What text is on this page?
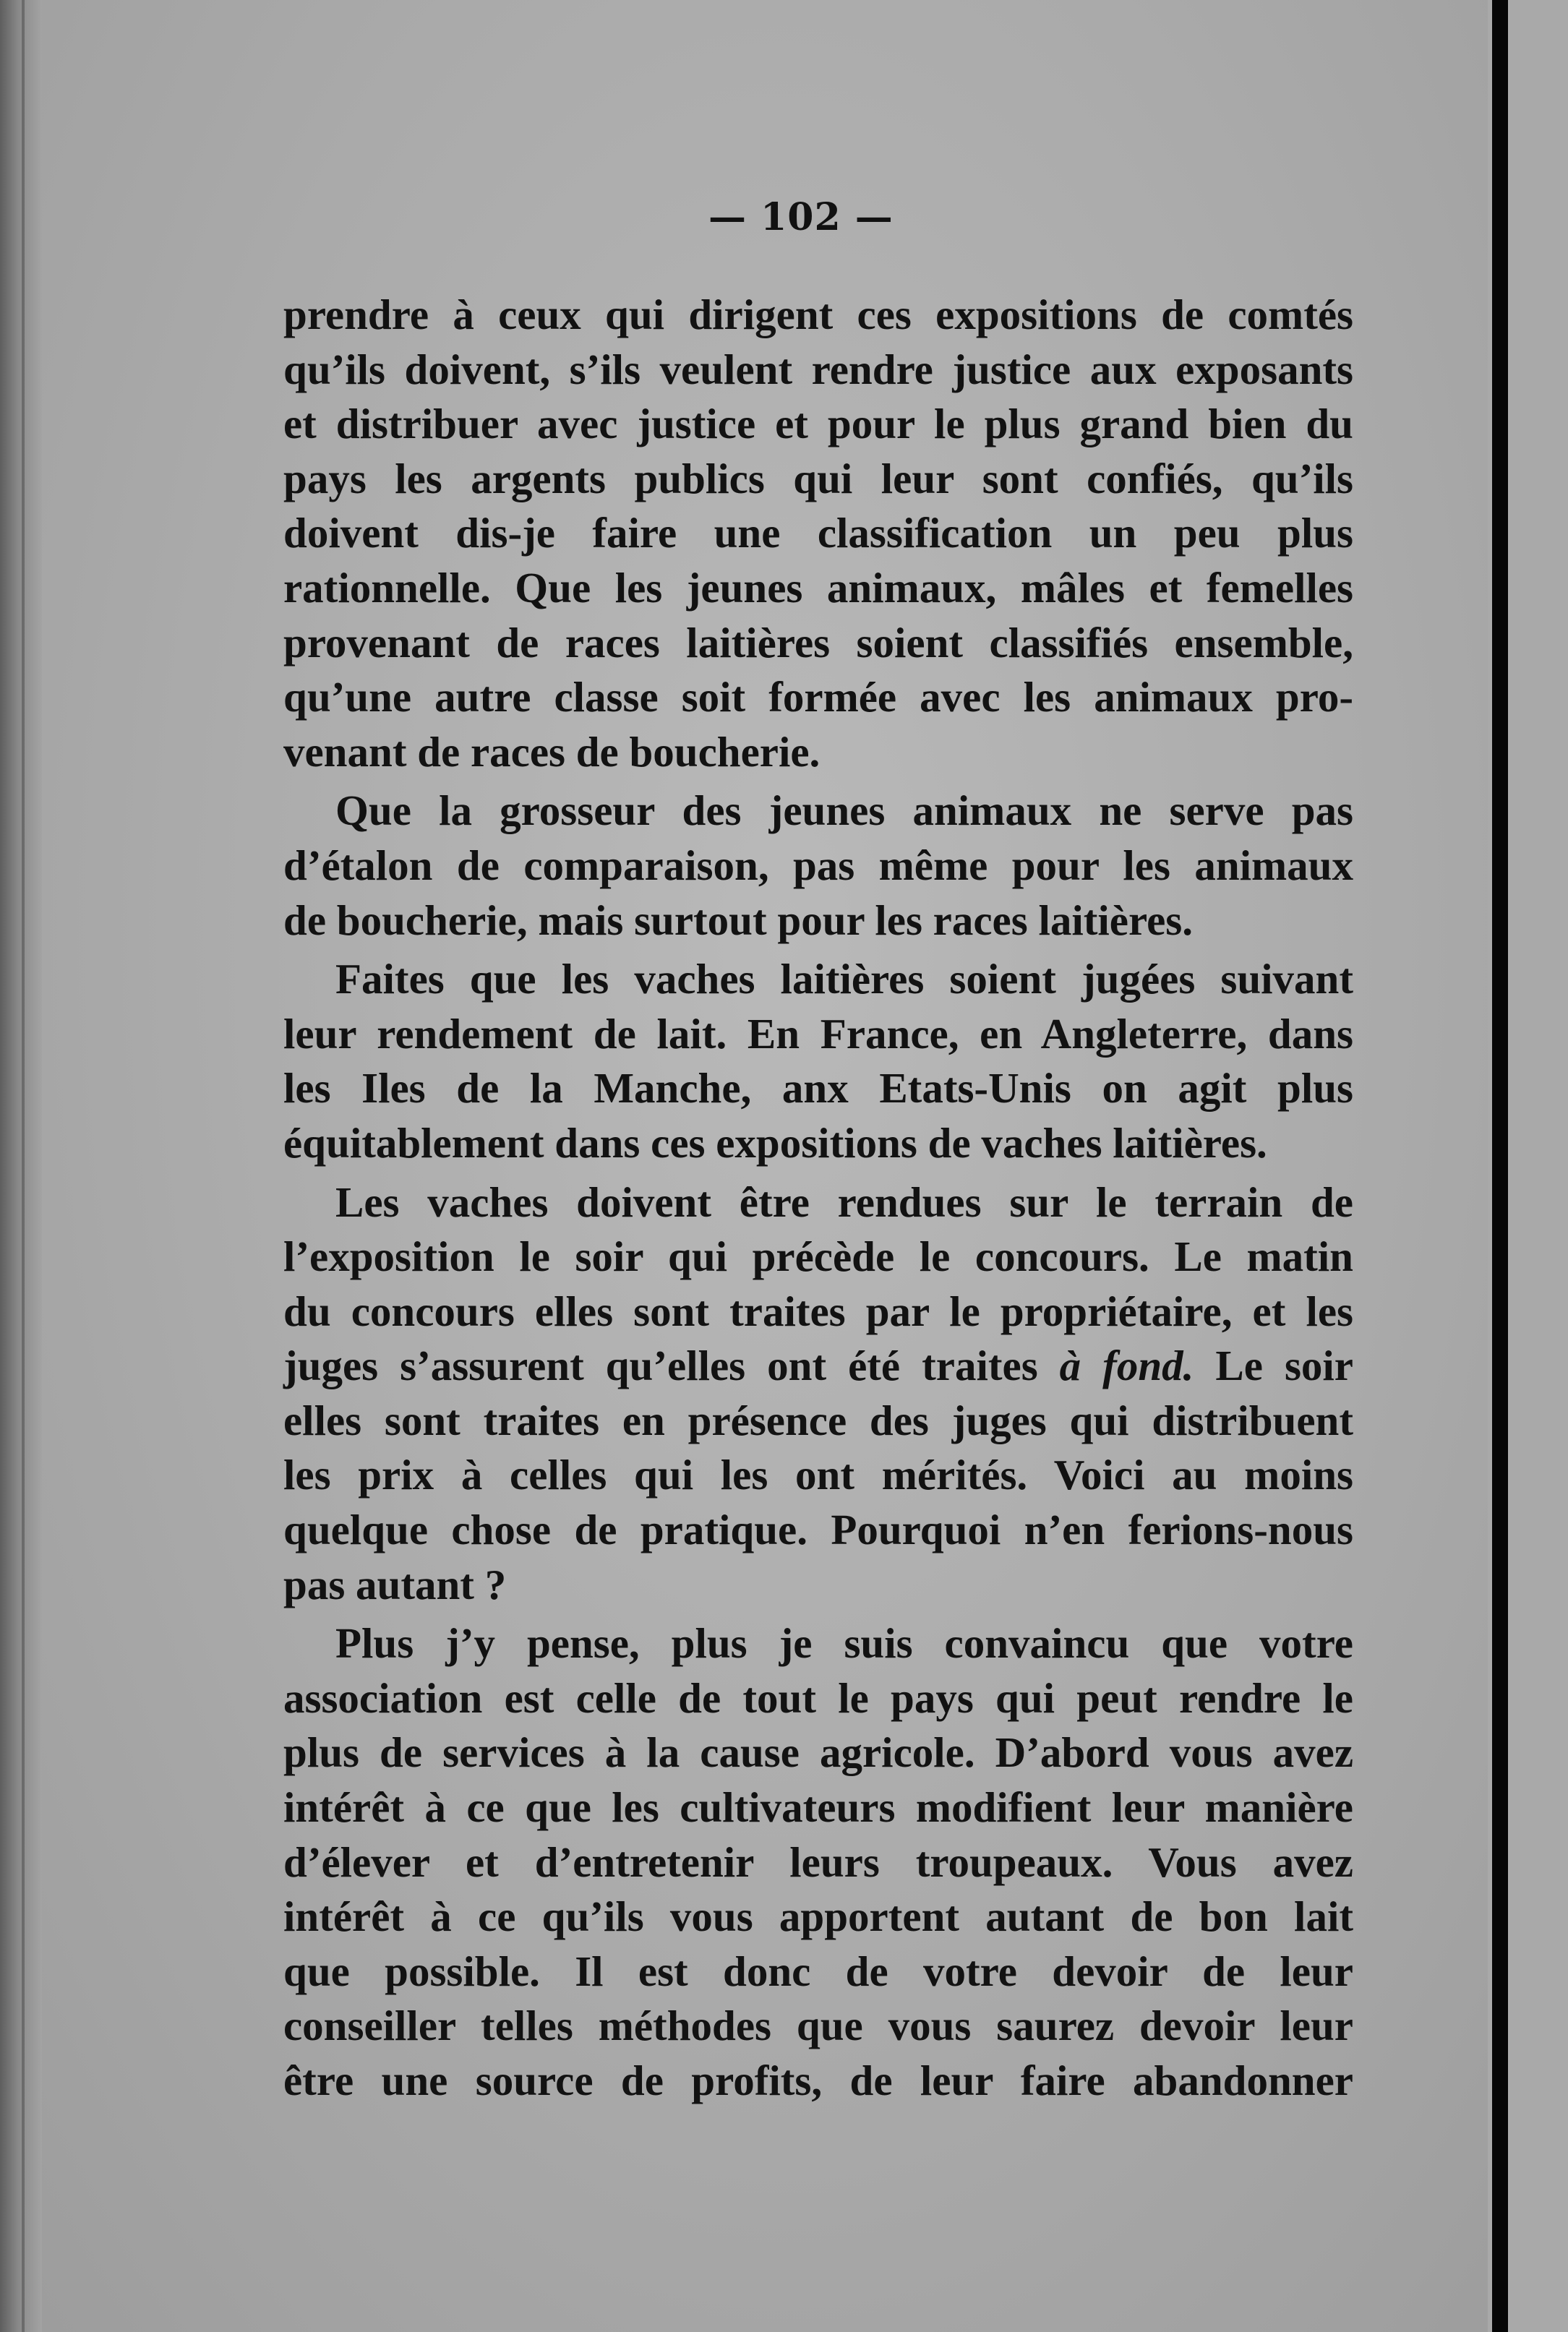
— 102 —
prendre à ceux qui dirigent ces expositions de comtés
qu’ils doivent, s’ils veulent rendre justice aux exposants
et distribuer avec justice et pour le plus grand bien du
pays les argents publics qui leur sont confiés, qu’ils
doivent dis-je faire une classification un peu plus
rationnelle. Que les jeunes animaux, mâles et femelles
provenant de races laitières soient classifiés ensemble,
qu’une autre classe soit formée avec les animaux pro-
venant de races de boucherie.
Que la grosseur des jeunes animaux ne serve pas
d’étalon de comparaison, pas même pour les animaux
de boucherie, mais surtout pour les races laitières.
Faites que les vaches laitières soient jugées suivant
leur rendement de lait. En France, en Angleterre, dans
les Iles de la Manche, anx Etats-Unis on agit plus
équitablement dans ces expositions de vaches laitières.
Les vaches doivent être rendues sur le terrain de
l’exposition le soir qui précède le concours. Le matin
du concours elles sont traites par le propriétaire, et les
juges s’assurent qu’elles ont été traites à fond. Le soir
elles sont traites en présence des juges qui distribuent
les prix à celles qui les ont mérités. Voici au moins
quelque chose de pratique. Pourquoi n’en ferions-nous
pas autant ?
Plus j’y pense, plus je suis convaincu que votre
association est celle de tout le pays qui peut rendre le
plus de services à la cause agricole. D’abord vous avez
intérêt à ce que les cultivateurs modifient leur manière
d’élever et d’entretenir leurs troupeaux. Vous avez
intérêt à ce qu’ils vous apportent autant de bon lait
que possible. Il est donc de votre devoir de leur
conseiller telles méthodes que vous saurez devoir leur
être une source de profits, de leur faire abandonner
